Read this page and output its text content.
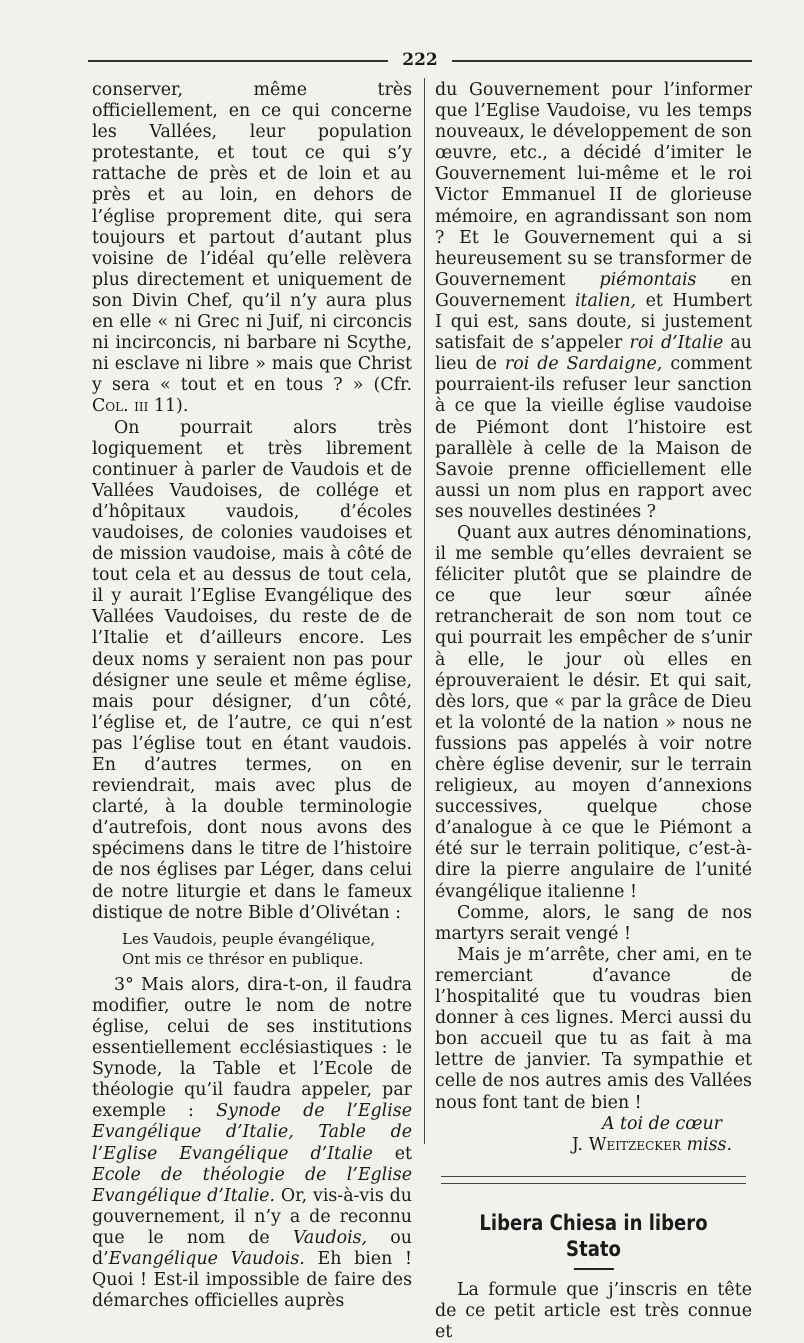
222

conserver, même très officiellement, en ce qui concerne les Vallées, leur population protestante, et tout ce qui s’y rattache de près et de loin et au près et au loin, en dehors de l’église proprement dite, qui sera toujours et partout d’autant plus voisine de l’idéal qu’elle relèvera plus directement et uniquement de son Divin Chef, qu’il n’y aura plus en elle « ni Grec ni Juif, ni circoncis ni incirconcis, ni barbare ni Scythe, ni esclave ni libre » mais que Christ y sera « tout et en tous ? » (Cfr. Col. iii 11).

On pourrait alors très logiquement et très librement continuer à parler de Vaudois et de Vallées Vaudoises, de collége et d’hôpitaux vaudois, d’écoles vaudoises, de colonies vaudoises et de mission vaudoise, mais à côté de tout cela et au dessus de tout cela, il y aurait l’Eglise Evangélique des Vallées Vaudoises, du reste de de l’Italie et d’ailleurs encore. Les deux noms y seraient non pas pour désigner une seule et même église, mais pour désigner, d’un côté, l’église et, de l’autre, ce qui n’est pas l’église tout en étant vaudois. En d’autres termes, on en reviendrait, mais avec plus de clarté, à la double terminologie d’autrefois, dont nous avons des spécimens dans le titre de l’histoire de nos églises par Léger, dans celui de notre liturgie et dans le fameux distique de notre Bible d’Olivétan :

Les Vaudois, peuple évangélique,
Ont mis ce thrésor en publique.

3° Mais alors, dira-t-on, il faudra modifier, outre le nom de notre église, celui de ses institutions essentiellement ecclésiastiques : le Synode, la Table et l’Ecole de théologie qu’il faudra appeler, par exemple : Synode de l’Eglise Evangélique d’Italie, Table de l’Eglise Evangélique d’Italie et Ecole de théologie de l’Eglise Evangélique d’Italie. Or, vis-à-vis du gouvernement, il n’y a de reconnu que le nom de Vaudois, ou d’Evangélique Vaudois. Eh bien ! Quoi ! Est-il impossible de faire des démarches officielles auprès

du Gouvernement pour l’informer que l’Eglise Vaudoise, vu les temps nouveaux, le développement de son œuvre, etc., a décidé d’imiter le Gouvernement lui-même et le roi Victor Emmanuel II de glorieuse mémoire, en agrandissant son nom ? Et le Gouvernement qui a si heureusement su se transformer de Gouvernement piémontais en Gouvernement italien, et Humbert I qui est, sans doute, si justement satisfait de s’appeler roi d’Italie au lieu de roi de Sardaigne, comment pourraient-ils refuser leur sanction à ce que la vieille église vaudoise de Piémont dont l’histoire est parallèle à celle de la Maison de Savoie prenne officiellement elle aussi un nom plus en rapport avec ses nouvelles destinées ?

Quant aux autres dénominations, il me semble qu’elles devraient se féliciter plutôt que se plaindre de ce que leur sœur aînée retrancherait de son nom tout ce qui pourrait les empêcher de s’unir à elle, le jour où elles en éprouveraient le désir. Et qui sait, dès lors, que « par la grâce de Dieu et la volonté de la nation » nous ne fussions pas appelés à voir notre chère église devenir, sur le terrain religieux, au moyen d’annexions successives, quelque chose d’analogue à ce que le Piémont a été sur le terrain politique, c’est-à-dire la pierre angulaire de l’unité évangélique italienne !

Comme, alors, le sang de nos martyrs serait vengé !

Mais je m’arrête, cher ami, en te remerciant d’avance de l’hospitalité que tu voudras bien donner à ces lignes. Merci aussi du bon accueil que tu as fait à ma lettre de janvier. Ta sympathie et celle de nos autres amis des Vallées nous font tant de bien !

A toi de cœur

J. Weitzecker miss.

Libera Chiesa in libero Stato

La formule que j’inscris en tête de ce petit article est très connue et
